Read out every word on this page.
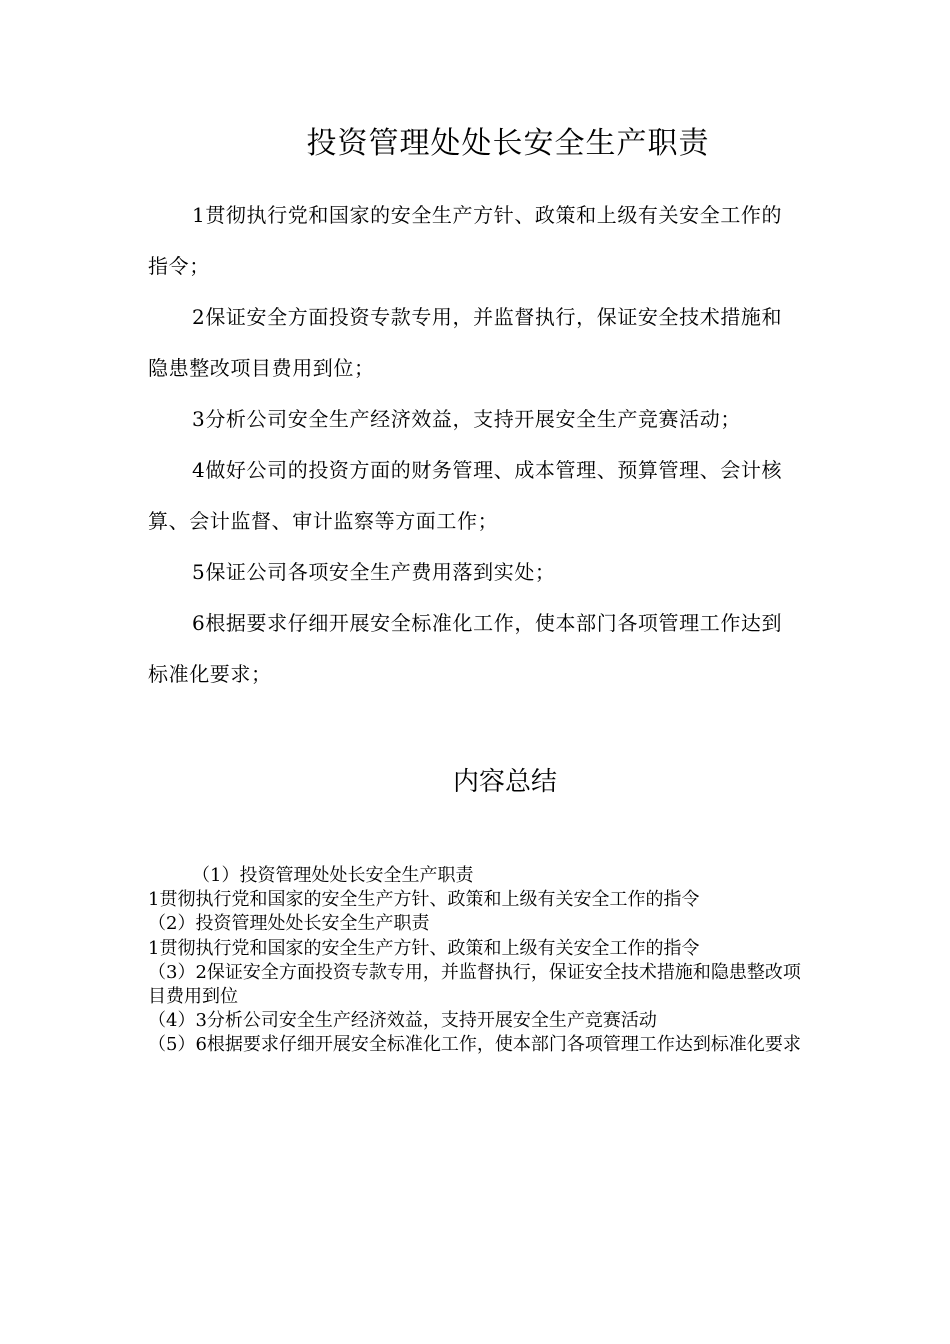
投资管理处处长安全生产职责

1贯彻执行党和国家的安全生产方针、政策和上级有关安全工作的指令；

2保证安全方面投资专款专用，并监督执行，保证安全技术措施和隐患整改项目费用到位；

3分析公司安全生产经济效益，支持开展安全生产竞赛活动；

4做好公司的投资方面的财务管理、成本管理、预算管理、会计核算、会计监督、审计监察等方面工作；

5保证公司各项安全生产费用落到实处；

6根据要求仔细开展安全标准化工作，使本部门各项管理工作达到标准化要求；

内容总结

（1）投资管理处处长安全生产职责

1贯彻执行党和国家的安全生产方针、政策和上级有关安全工作的指令

（2）投资管理处处长安全生产职责

1贯彻执行党和国家的安全生产方针、政策和上级有关安全工作的指令

（3）2保证安全方面投资专款专用，并监督执行，保证安全技术措施和隐患整改项目费用到位

（4）3分析公司安全生产经济效益，支持开展安全生产竞赛活动

（5）6根据要求仔细开展安全标准化工作，使本部门各项管理工作达到标准化要求
